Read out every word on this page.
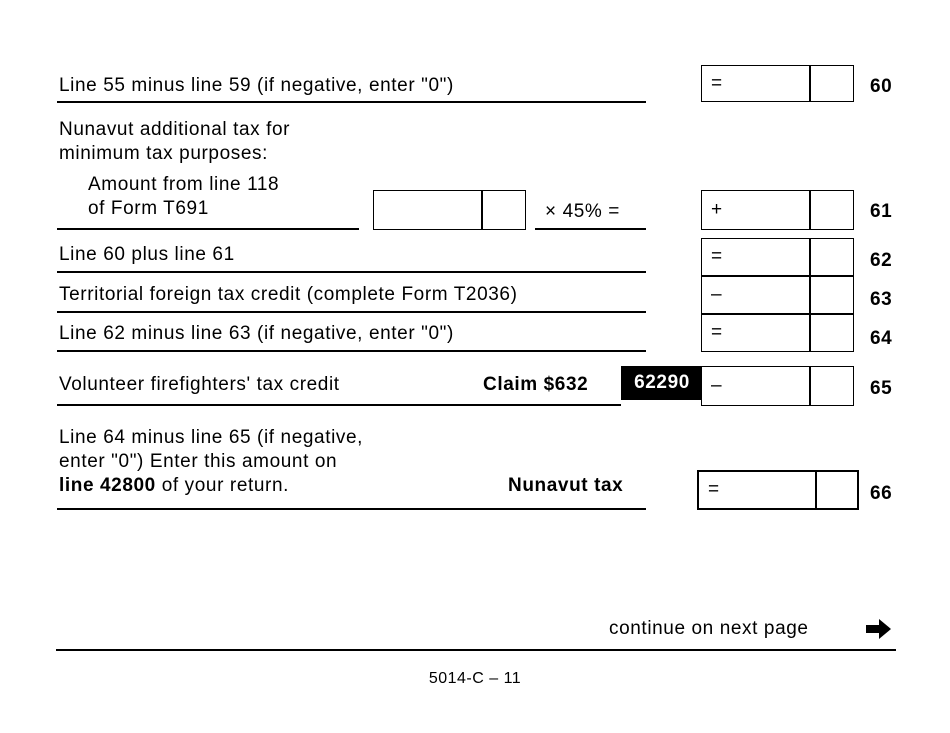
Line 55 minus line 59 (if negative, enter "0")	=	60
Nunavut additional tax for
minimum tax purposes:
Amount from line 118
of Form T691	× 45% =	+	61
Line 60 plus line 61	=	62
Territorial foreign tax credit (complete Form T2036)	–	63
Line 62 minus line 63 (if negative, enter "0")	=	64
Volunteer firefighters' tax credit	Claim $632	62290	–	65
Line 64 minus line 65 (if negative,
enter "0") Enter this amount on
line 42800 of your return.	Nunavut tax	=	66
continue on next page
5014-C – 11
